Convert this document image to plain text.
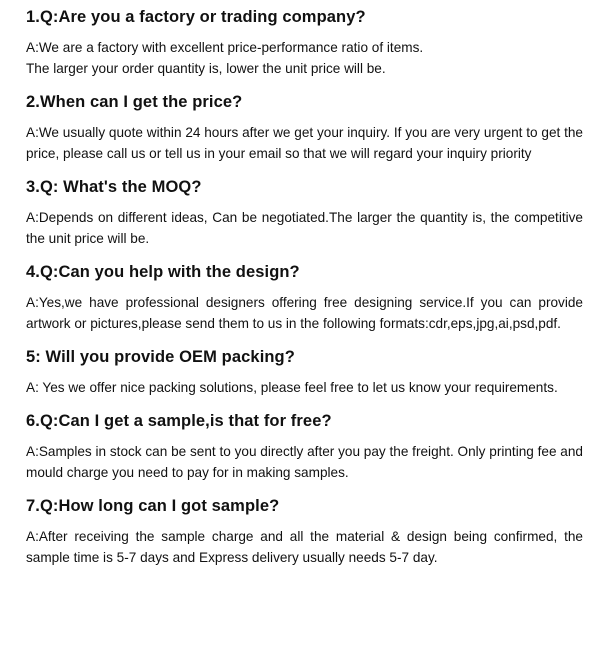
1.Q:Are you a factory or trading company?
A:We are a factory with excellent price-performance ratio of items.
The larger your order quantity is, lower the unit price will be.
2.When can I get the price?
A:We usually quote within 24 hours after we get your inquiry. If you are very urgent to get the price, please call us or tell us in your email so that we will regard your inquiry priority
3.Q: What's the MOQ?
A:Depends on different ideas, Can be negotiated.The larger the quantity is, the competitive the unit price will be.
4.Q:Can you help with the design?
A:Yes,we have professional designers offering free designing service.If you can provide artwork or pictures,please send them to us in the following formats:cdr,eps,jpg,ai,psd,pdf.
5: Will you provide OEM packing?
A: Yes we offer nice packing solutions, please feel free to let us know your requirements.
6.Q:Can I get a sample,is that for free?
A:Samples in stock can be sent to you directly after you pay the freight. Only printing fee and mould charge you need to pay for in making samples.
7.Q:How long can I got sample?
A:After receiving the sample charge and all the material & design being confirmed, the sample time is 5-7 days and Express delivery usually needs 5-7 day.
